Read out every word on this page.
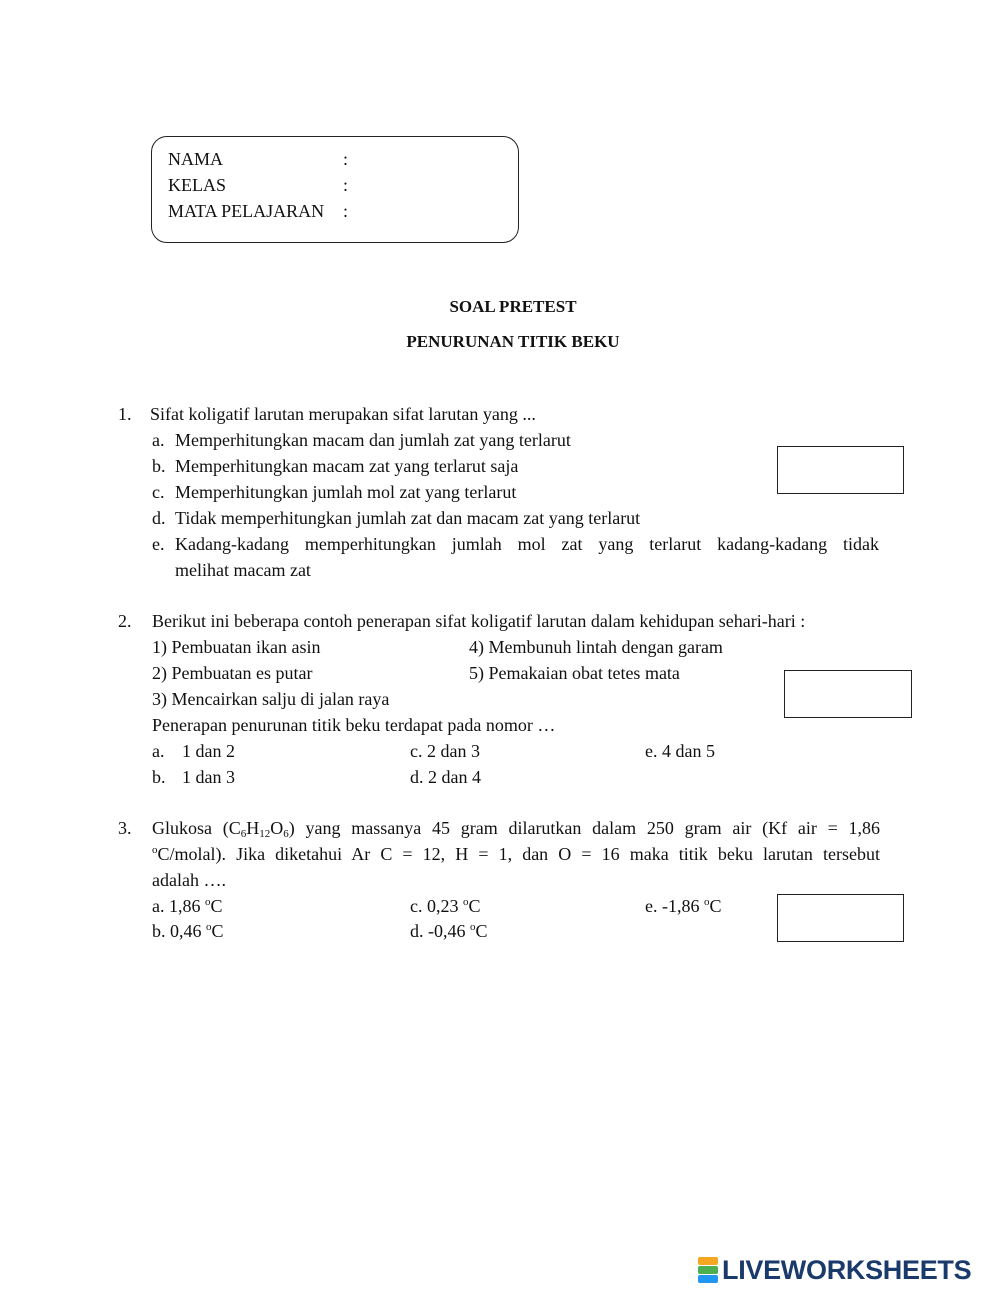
NAMA	:
KELAS	:
MATA PELAJARAN :
SOAL PRETEST
PENURUNAN TITIK BEKU
1. Sifat koligatif larutan merupakan sifat larutan yang ...
a. Memperhitungkan macam dan jumlah zat yang terlarut
b. Memperhitungkan macam zat yang terlarut saja
c. Memperhitungkan jumlah mol zat yang terlarut
d. Tidak memperhitungkan jumlah zat dan macam zat yang terlarut
e. Kadang-kadang memperhitungkan jumlah mol zat yang terlarut kadang-kadang tidak
melihat macam zat
2. Berikut ini beberapa contoh penerapan sifat koligatif larutan dalam kehidupan sehari-hari :
1) Pembuatan ikan asin
2) Pembuatan es putar
3) Mencairkan salju di jalan raya
4) Membunuh lintah dengan garam
5) Pemakaian obat tetes mata
Penerapan penurunan titik beku terdapat pada nomor …
a. 1 dan 2
b. 1 dan 3
c. 2 dan 3
d. 2 dan 4
e. 4 dan 5
3. Glukosa $(C_6H_{12}O_6)$ yang massanya 45 gram dilarutkan dalam 250 gram air (Kf air = 1,86
$^o$C/molal). Jika diketahui Ar C = 12, H = 1, dan O = 16 maka titik beku larutan tersebut
adalah ….
a. 1,86 $^o$C
b. 0,46 $^o$C
c. 0,23 $^o$C
d. -0,46 $^o$C
e. -1,86 $^o$C
LIVEWORKSHEETS
